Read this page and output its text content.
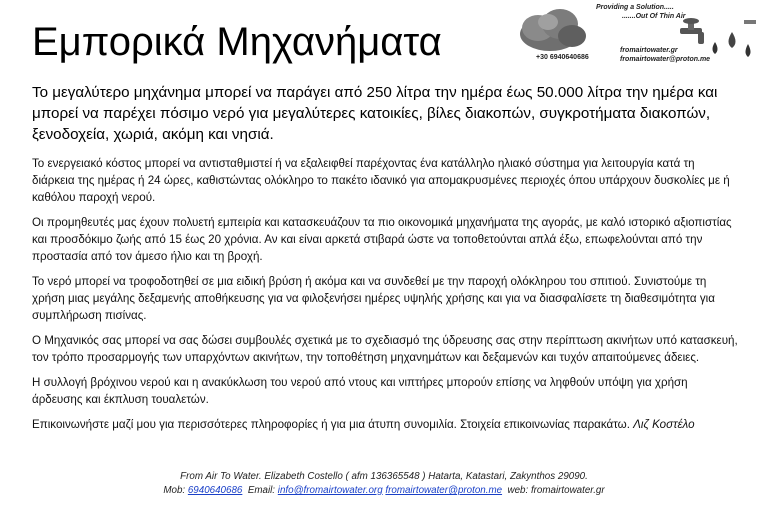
Εμπορικά Μηχανήματα
Providing a Solution.....
.......Out Of Thin Air
+30 6940640686
fromairtowater.gr
fromairtowater@proton.me

Το μεγαλύτερο μηχάνημα μπορεί να παράγει από 250 λίτρα την ημέρα έως 50.000 λίτρα την ημέρα και μπορεί να παρέχει πόσιμο νερό για μεγαλύτερες κατοικίες, βίλες διακοπών, συγκροτήματα διακοπών, ξενοδοχεία, χωριά, ακόμη και νησιά.

Το ενεργειακό κόστος μπορεί να αντισταθμιστεί ή να εξαλειφθεί παρέχοντας ένα κατάλληλο ηλιακό σύστημα για λειτουργία κατά τη διάρκεια της ημέρας ή 24 ώρες, καθιστώντας ολόκληρο το πακέτο ιδανικό για απομακρυσμένες περιοχές όπου υπάρχουν δυσκολίες με ή καθόλου παροχή νερού.

Οι προμηθευτές μας έχουν πολυετή εμπειρία και κατασκευάζουν τα πιο οικονομικά μηχανήματα της αγοράς, με καλό ιστορικό αξιοπιστίας και προσδόκιμο ζωής από 15 έως 20 χρόνια. Αν και είναι αρκετά στιβαρά ώστε να τοποθετούνται απλά έξω, επωφελούνται από την προστασία από τον άμεσο ήλιο και τη βροχή.

Το νερό μπορεί να τροφοδοτηθεί σε μια ειδική βρύση ή ακόμα και να συνδεθεί με την παροχή ολόκληρου του σπιτιού. Συνιστούμε τη χρήση μιας μεγάλης δεξαμενής αποθήκευσης για να φιλοξενήσει ημέρες υψηλής χρήσης και για να διασφαλίσετε τη διαθεσιμότητα για συμπλήρωση πισίνας.

Ο Μηχανικός σας μπορεί να σας δώσει συμβουλές σχετικά με το σχεδιασμό της ύδρευσης σας στην περίπτωση ακινήτων υπό κατασκευή, τον τρόπο προσαρμογής των υπαρχόντων ακινήτων, την τοποθέτηση μηχανημάτων και δεξαμενών και τυχόν απαιτούμενες άδειες.

Η συλλογή βρόχινου νερού και η ανακύκλωση του νερού από ντους και νιπτήρες μπορούν επίσης να ληφθούν υπόψη για χρήση άρδευσης και έκπλυση τουαλετών.

Επικοινωνήστε μαζί μου για περισσότερες πληροφορίες ή για μια άτυπη συνομιλία. Στοιχεία επικοινωνίας παρακάτω. Λιζ Κοστέλο

From Air To Water. Elizabeth Costello ( afm 136365548 ) Hatarta, Katastari, Zakynthos 29090.
Mob: 6940640686 Email: info@fromairtowater.org fromairtowater@proton.me web: fromairtowater.gr
